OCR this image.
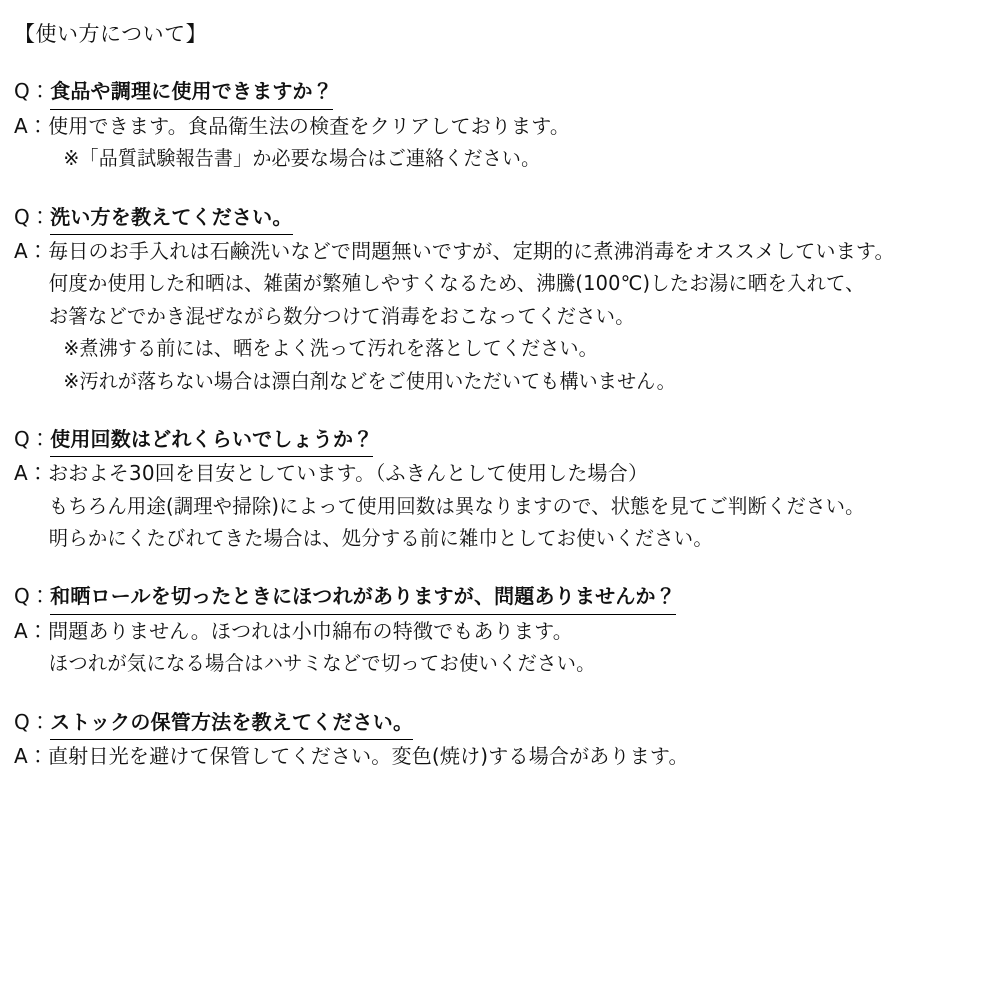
【使い方について】
Q：食品や調理に使用できますか？
A：使用できます。食品衛生法の検査をクリアしております。
※「品質試験報告書」か必要な場合はご連絡ください。
Q：洗い方を教えてください。
A：毎日のお手入れは石鹸洗いなどで問題無いですが、定期的に煮沸消毒をオススメしています。
何度か使用した和晒は、雑菌が繁殖しやすくなるため、沸騰(100℃)したお湯に晒を入れて、
お箸などでかき混ぜながら数分つけて消毒をおこなってください。
※煮沸する前には、晒をよく洗って汚れを落としてください。
※汚れが落ちない場合は漂白剤などをご使用いただいても構いません。
Q：使用回数はどれくらいでしょうか？
A：おおよそ30回を目安としています。（ふきんとして使用した場合）
もちろん用途(調理や掃除)によって使用回数は異なりますので、状態を見てご判断ください。
明らかにくたびれてきた場合は、処分する前に雑巾としてお使いください。
Q：和晒ロールを切ったときにほつれがありますが、問題ありませんか？
A：問題ありません。ほつれは小巾綿布の特徴でもあります。
ほつれが気になる場合はハサミなどで切ってお使いください。
Q：ストックの保管方法を教えてください。
A：直射日光を避けて保管してください。変色(焼け)する場合があります。
